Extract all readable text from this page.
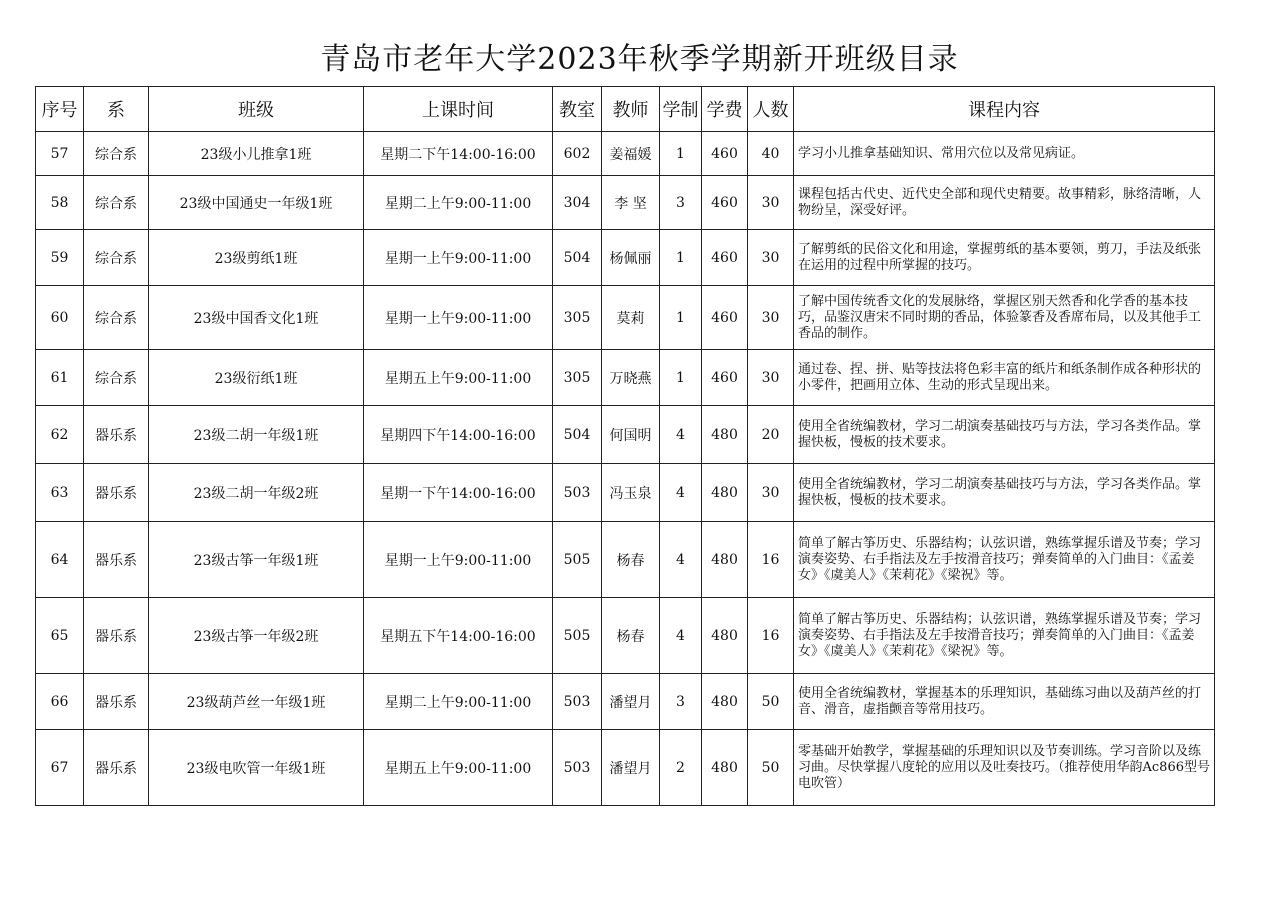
青岛市老年大学2023年秋季学期新开班级目录
序号	系	班级	上课时间	教室	教师	学制	学费	人数	课程内容
57	综合系	23级小儿推拿1班	星期二下午14:00-16:00	602	姜福媛	1	460	40	学习小儿推拿基础知识、常用穴位以及常见病证。
58	综合系	23级中国通史一年级1班	星期二上午9:00-11:00	304	李 坚	3	460	30	课程包括古代史、近代史全部和现代史精要。故事精彩，脉络清晰，人物纷呈，深受好评。
59	综合系	23级剪纸1班	星期一上午9:00-11:00	504	杨佩丽	1	460	30	了解剪纸的民俗文化和用途，掌握剪纸的基本要领，剪刀，手法及纸张在运用的过程中所掌握的技巧。
60	综合系	23级中国香文化1班	星期一上午9:00-11:00	305	莫莉	1	460	30	了解中国传统香文化的发展脉络，掌握区别天然香和化学香的基本技巧，品鉴汉唐宋不同时期的香品，体验篆香及香席布局，以及其他手工香品的制作。
61	综合系	23级衍纸1班	星期五上午9:00-11:00	305	万晓燕	1	460	30	通过卷、捏、拼、贴等技法将色彩丰富的纸片和纸条制作成各种形状的小零件，把画用立体、生动的形式呈现出来。
62	器乐系	23级二胡一年级1班	星期四下午14:00-16:00	504	何国明	4	480	20	使用全省统编教材，学习二胡演奏基础技巧与方法，学习各类作品。掌握快板，慢板的技术要求。
63	器乐系	23级二胡一年级2班	星期一下午14:00-16:00	503	冯玉泉	4	480	30	使用全省统编教材，学习二胡演奏基础技巧与方法，学习各类作品。掌握快板，慢板的技术要求。
64	器乐系	23级古筝一年级1班	星期一上午9:00-11:00	505	杨春	4	480	16	简单了解古筝历史、乐器结构；认弦识谱，熟练掌握乐谱及节奏；学习演奏姿势、右手指法及左手按滑音技巧；弹奏简单的入门曲目：《孟姜女》《虞美人》《茉莉花》《梁祝》等。
65	器乐系	23级古筝一年级2班	星期五下午14:00-16:00	505	杨春	4	480	16	简单了解古筝历史、乐器结构；认弦识谱，熟练掌握乐谱及节奏；学习演奏姿势、右手指法及左手按滑音技巧；弹奏简单的入门曲目：《孟姜女》《虞美人》《茉莉花》《梁祝》等。
66	器乐系	23级葫芦丝一年级1班	星期二上午9:00-11:00	503	潘望月	3	480	50	使用全省统编教材，掌握基本的乐理知识，基础练习曲以及葫芦丝的打音、滑音，虚指颤音等常用技巧。
67	器乐系	23级电吹管一年级1班	星期五上午9:00-11:00	503	潘望月	2	480	50	零基础开始教学，掌握基础的乐理知识以及节奏训练。学习音阶以及练习曲。尽快掌握八度轮的应用以及吐奏技巧。（推荐使用华韵Ac866型号电吹管）
